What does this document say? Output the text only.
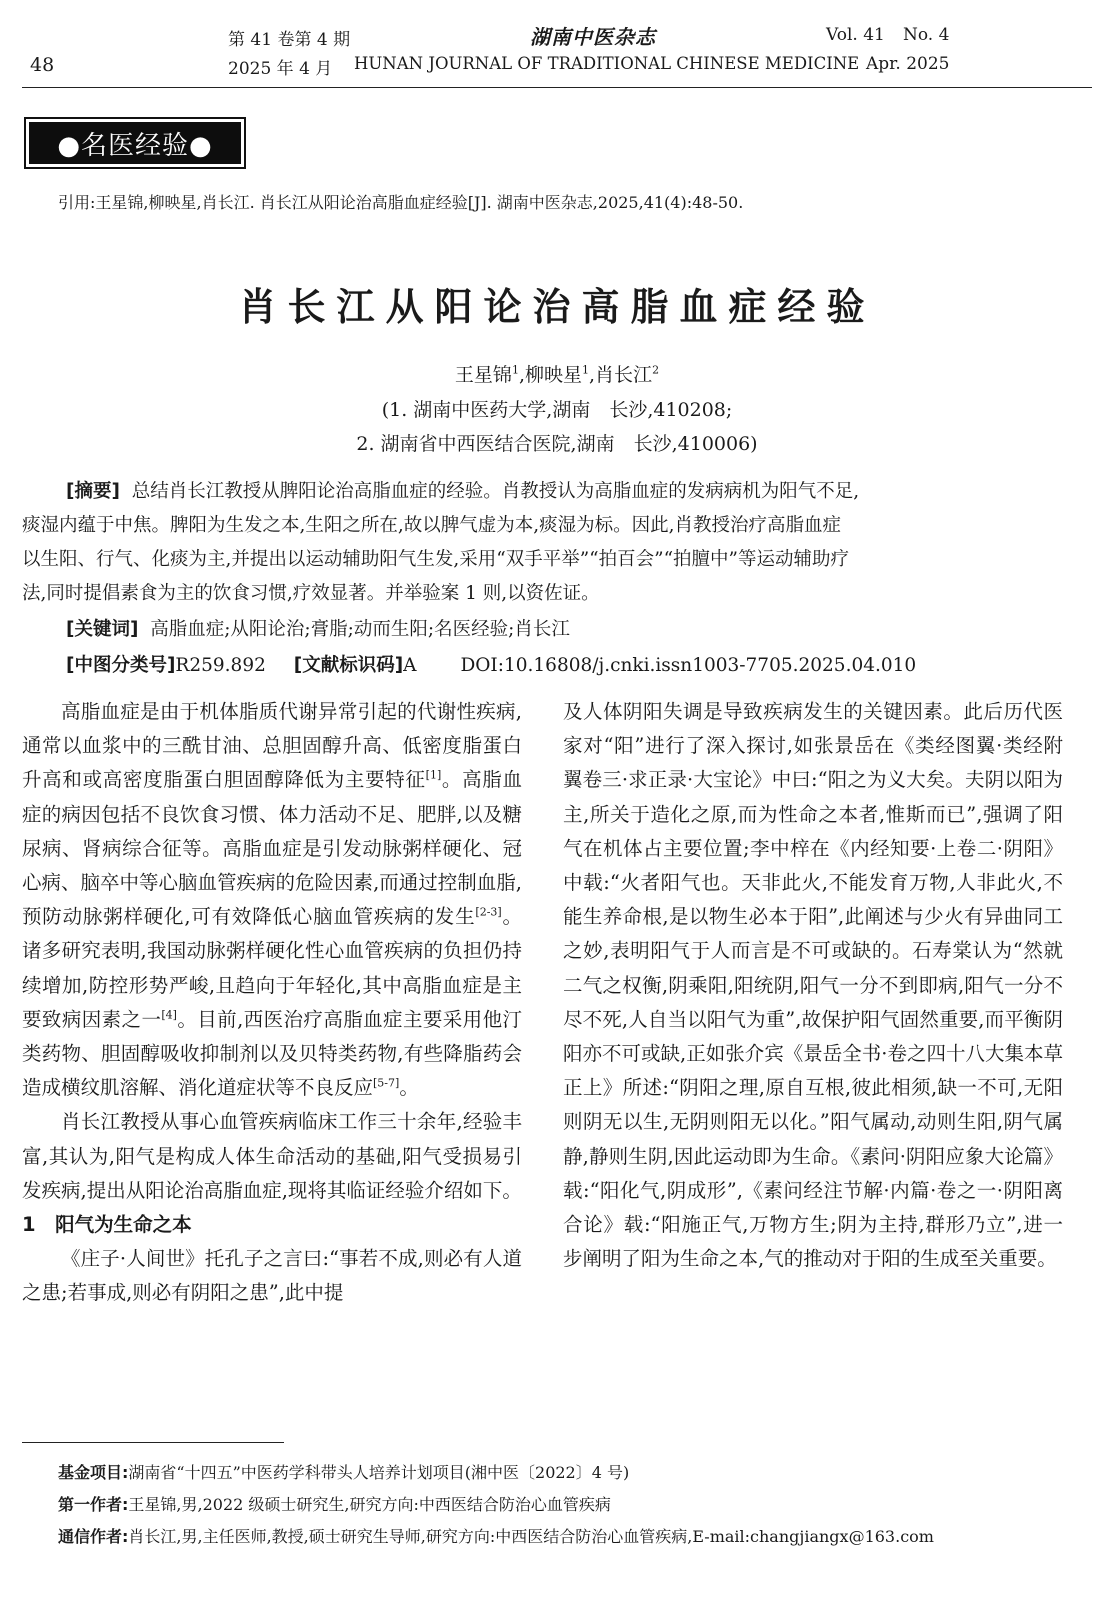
48
第 41 卷第 4 期
2025 年 4 月
湖南中医杂志
HUNAN JOURNAL OF TRADITIONAL CHINESE MEDICINE
Vol. 41 No. 4
Apr. 2025
●名医经验●
引用:王星锦,柳映星,肖长江. 肖长江从阳论治高脂血症经验[J]. 湖南中医杂志,2025,41(4):48-50.
肖长江从阳论治高脂血症经验
王星锦$^1$,柳映星$^1$,肖长江$^2$
(1. 湖南中医药大学,湖南　长沙,410208;
2. 湖南省中西医结合医院,湖南　长沙,410006)
[摘要] 总结肖长江教授从脾阳论治高脂血症的经验。肖教授认为高脂血症的发病病机为阳气不足,
痰湿内蕴于中焦。脾阳为生发之本,生阳之所在,故以脾气虚为本,痰湿为标。因此,肖教授治疗高脂血症
以生阳、行气、化痰为主,并提出以运动辅助阳气生发,采用“双手平举”“拍百会”“拍膻中”等运动辅助疗
法,同时提倡素食为主的饮食习惯,疗效显著。并举验案 1 则,以资佐证。
[关键词] 高脂血症;从阳论治;膏脂;动而生阳;名医经验;肖长江
[中图分类号]R259.892 [文献标识码]A DOI:10.16808/j.cnki.issn1003-7705.2025.04.010

高脂血症是由于机体脂质代谢异常引起的代谢性疾病,通常以血浆中的三酰甘油、总胆固醇升高、低密度脂蛋白升高和或高密度脂蛋白胆固醇降低为主要特征[1]。高脂血症的病因包括不良饮食习惯、体力活动不足、肥胖,以及糖尿病、肾病综合征等。高脂血症是引发动脉粥样硬化、冠心病、脑卒中等心脑血管疾病的危险因素,而通过控制血脂,预防动脉粥样硬化,可有效降低心脑血管疾病的发生[2-3]。诸多研究表明,我国动脉粥样硬化性心血管疾病的负担仍持续增加,防控形势严峻,且趋向于年轻化,其中高脂血症是主要致病因素之一[4]。目前,西医治疗高脂血症主要采用他汀类药物、胆固醇吸收抑制剂以及贝特类药物,有些降脂药会造成横纹肌溶解、消化道症状等不良反应[5-7]。

肖长江教授从事心血管疾病临床工作三十余年,经验丰富,其认为,阳气是构成人体生命活动的基础,阳气受损易引发疾病,提出从阳论治高脂血症,现将其临证经验介绍如下。

1　阳气为生命之本

《庄子·人间世》托孔子之言曰:“事若不成,则必有人道之患;若事成,则必有阴阳之患”,此中提

及人体阴阳失调是导致疾病发生的关键因素。此后历代医家对“阳”进行了深入探讨,如张景岳在《类经图翼·类经附翼卷三·求正录·大宝论》中曰:“阳之为义大矣。夫阴以阳为主,所关于造化之原,而为性命之本者,惟斯而已”,强调了阳气在机体占主要位置;李中梓在《内经知要·上卷二·阴阳》中载:“火者阳气也。天非此火,不能发育万物,人非此火,不能生养命根,是以物生必本于阳”,此阐述与少火有异曲同工之妙,表明阳气于人而言是不可或缺的。石寿棠认为“然就二气之权衡,阴乘阳,阳统阴,阳气一分不到即病,阳气一分不尽不死,人自当以阳气为重”,故保护阳气固然重要,而平衡阴阳亦不可或缺,正如张介宾《景岳全书·卷之四十八大集本草正上》所述:“阴阳之理,原自互根,彼此相须,缺一不可,无阳则阴无以生,无阴则阳无以化。”阳气属动,动则生阳,阴气属静,静则生阴,因此运动即为生命。《素问·阴阳应象大论篇》载:“阳化气,阴成形”,《素问经注节解·内篇·卷之一·阴阳离合论》载:“阳施正气,万物方生;阴为主持,群形乃立”,进一步阐明了阳为生命之本,气的推动对于阳的生成至关重要。

基金项目:湖南省“十四五”中医药学科带头人培养计划项目(湘中医〔2022〕4 号)
第一作者:王星锦,男,2022 级硕士研究生,研究方向:中西医结合防治心血管疾病
通信作者:肖长江,男,主任医师,教授,硕士研究生导师,研究方向:中西医结合防治心血管疾病,E-mail:changjiangx@163.com
